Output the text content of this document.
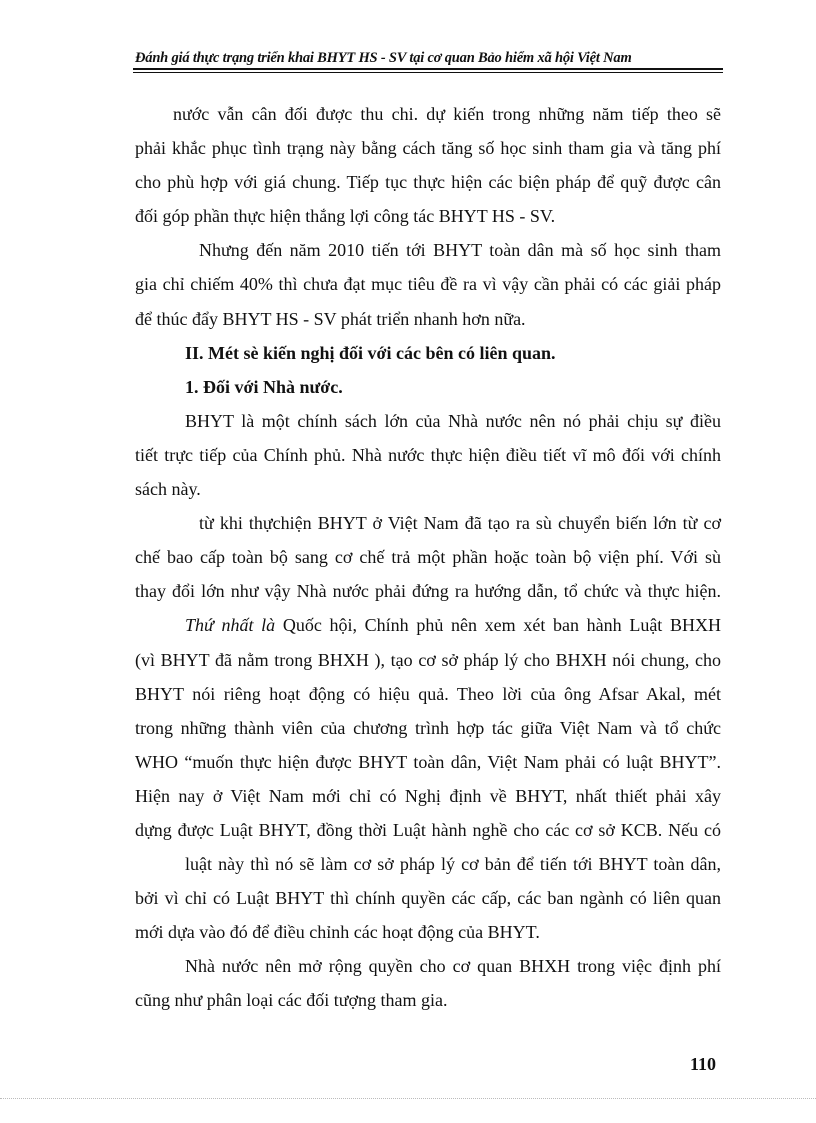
Đánh giá thực trạng triển khai BHYT HS - SV tại cơ quan Bảo hiểm xã hội Việt Nam
nước vẫn cân đối được thu chi. dự kiến trong những năm tiếp theo sẽ
phải khắc phục tình trạng này bằng cách tăng số học sinh tham gia và tăng phí
cho phù hợp với giá chung. Tiếp tục thực hiện các biện pháp để quỹ được cân
đối góp phần thực hiện thắng lợi công tác BHYT HS - SV.
Nhưng đến năm 2010 tiến tới BHYT toàn dân mà số học sinh tham
gia chỉ chiếm 40% thì chưa đạt mục tiêu đề ra vì vậy cần phải có các giải pháp
để thúc đẩy BHYT HS - SV phát triển nhanh hơn nữa.
II. Mét sè kiến nghị đối với các bên có liên quan.
1. Đối với Nhà nước.
BHYT là một chính sách lớn của Nhà nước nên nó phải chịu sự điều
tiết trực tiếp của Chính phủ. Nhà nước thực hiện điều tiết vĩ mô đối với chính
sách này.
từ khi thựchiện BHYT ở Việt Nam đã tạo ra sù chuyển biến lớn từ cơ
chế bao cấp toàn bộ sang cơ chế trả một phần hoặc toàn bộ viện phí. Với sù
thay đổi lớn như vậy Nhà nước phải đứng ra hướng dẫn, tổ chức và thực hiện.
Thứ nhất là Quốc hội, Chính phủ nên xem xét ban hành Luật BHXH
(vì BHYT đã nằm trong BHXH ), tạo cơ sở pháp lý cho BHXH nói chung, cho
BHYT nói riêng hoạt động có hiệu quả. Theo lời của ông Afsar Akal, mét
trong những thành viên của chương trình hợp tác giữa Việt Nam và tổ chức
WHO “muốn thực hiện được BHYT toàn dân, Việt Nam phải có luật BHYT”.
Hiện nay ở Việt Nam mới chỉ có Nghị định về BHYT, nhất thiết phải xây
dựng được Luật BHYT, đồng thời Luật hành nghề cho các cơ sở KCB. Nếu có
luật này thì nó sẽ làm cơ sở pháp lý cơ bản để tiến tới BHYT toàn dân,
bởi vì chỉ có Luật BHYT thì chính quyền các cấp, các ban ngành có liên quan
mới dựa vào đó để điều chỉnh các hoạt động của BHYT.
Nhà nước nên mở rộng quyền cho cơ quan BHXH trong việc định phí
cũng như phân loại các đối tượng tham gia.
110
